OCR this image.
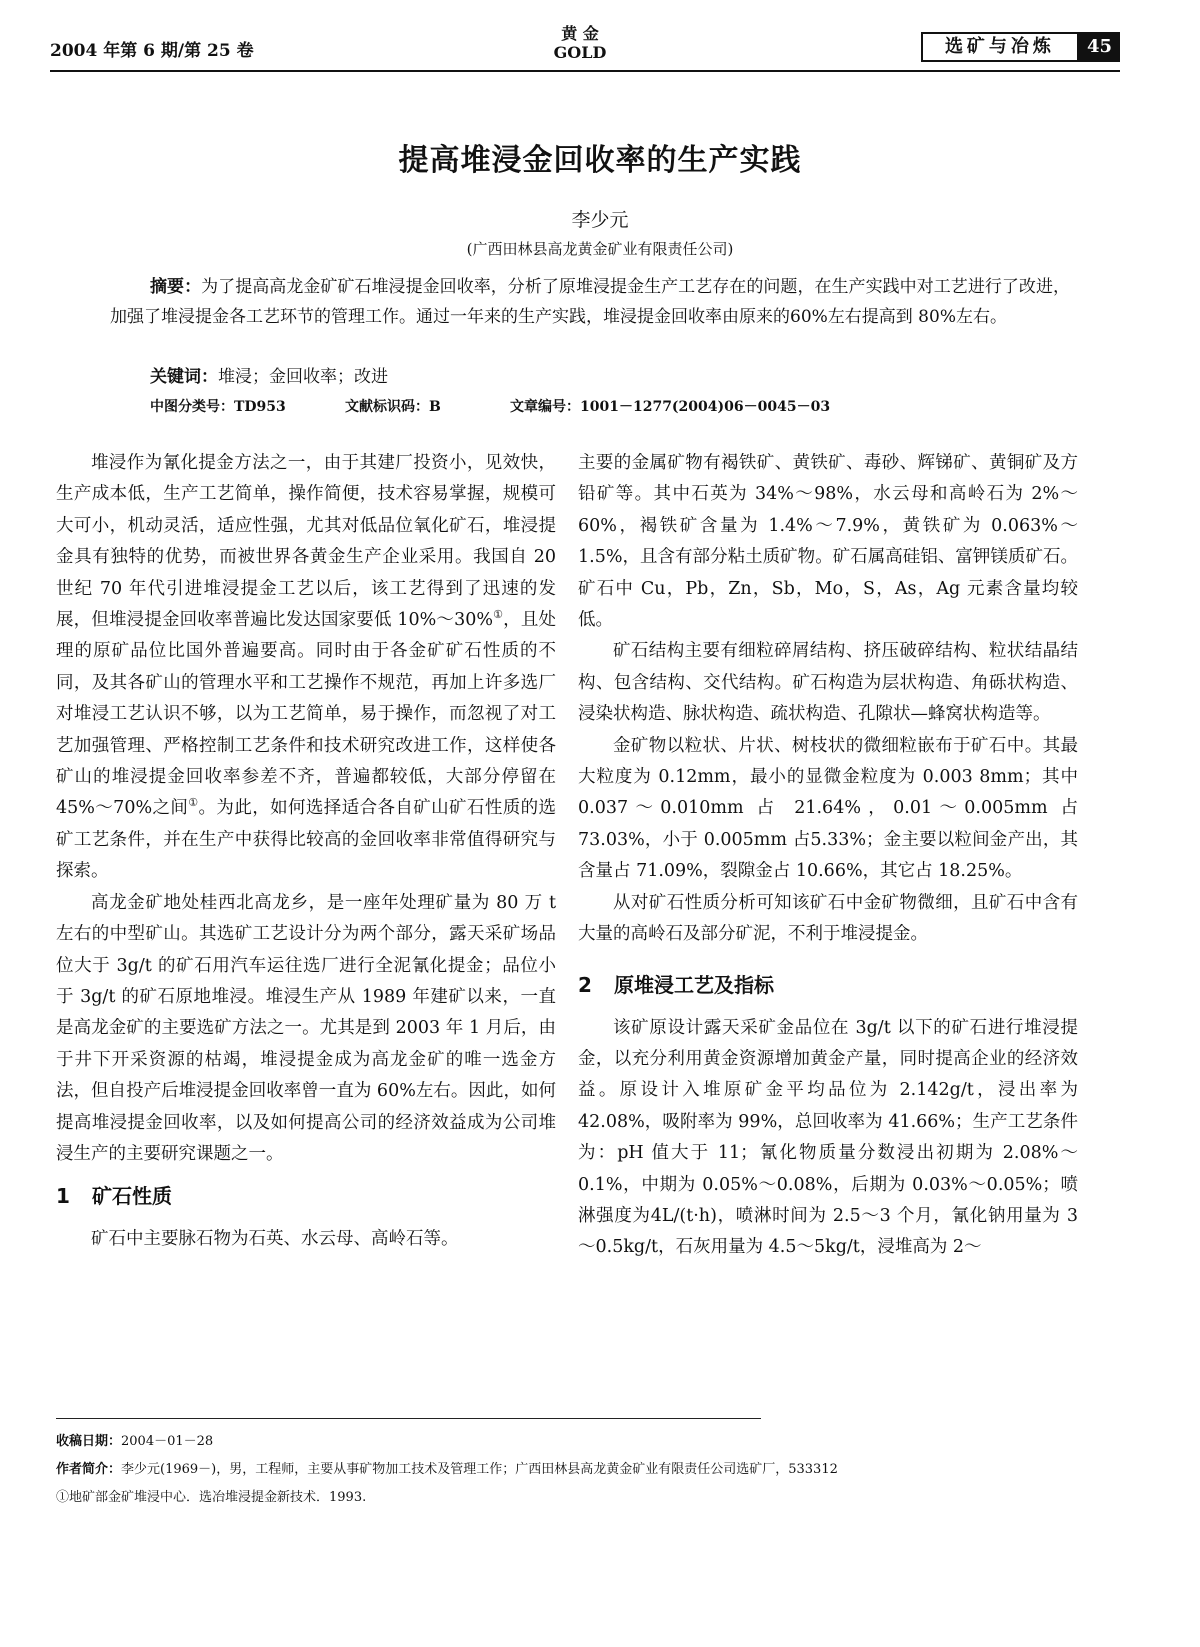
2004 年第 6 期/第 25 卷
黄 金
GOLD	选矿与冶炼	45
提高堆浸金回收率的生产实践
李少元
(广西田林县高龙黄金矿业有限责任公司)
摘要：为了提高高龙金矿矿石堆浸提金回收率，分析了原堆浸提金生产工艺存在的问题，在生产实践中对工艺进行了改进，加强了堆浸提金各工艺环节的管理工作。通过一年来的生产实践，堆浸提金回收率由原来的60%左右提高到 80%左右。
关键词：堆浸；金回收率；改进
中图分类号：TD953	文献标识码：B	文章编号：1001－1277(2004)06－0045－03

堆浸作为氰化提金方法之一，由于其建厂投资小，见效快，生产成本低，生产工艺简单，操作简便，技术容易掌握，规模可大可小，机动灵活，适应性强，尤其对低品位氧化矿石，堆浸提金具有独特的优势，而被世界各黄金生产企业采用。我国自 20 世纪 70 年代引进堆浸提金工艺以后，该工艺得到了迅速的发展，但堆浸提金回收率普遍比发达国家要低 10%～30%①，且处理的原矿品位比国外普遍要高。同时由于各金矿矿石性质的不同，及其各矿山的管理水平和工艺操作不规范，再加上许多选厂对堆浸工艺认识不够，以为工艺简单，易于操作，而忽视了对工艺加强管理、严格控制工艺条件和技术研究改进工作，这样使各矿山的堆浸提金回收率参差不齐，普遍都较低，大部分停留在 45%～70%之间①。为此，如何选择适合各自矿山矿石性质的选矿工艺条件，并在生产中获得比较高的金回收率非常值得研究与探索。

高龙金矿地处桂西北高龙乡，是一座年处理矿量为 80 万 t 左右的中型矿山。其选矿工艺设计分为两个部分，露天采矿场品位大于 3g/t 的矿石用汽车运往选厂进行全泥氰化提金；品位小于 3g/t 的矿石原地堆浸。堆浸生产从 1989 年建矿以来，一直是高龙金矿的主要选矿方法之一。尤其是到 2003 年 1 月后，由于井下开采资源的枯竭，堆浸提金成为高龙金矿的唯一选金方法，但自投产后堆浸提金回收率曾一直为 60%左右。因此，如何提高堆浸提金回收率，以及如何提高公司的经济效益成为公司堆浸生产的主要研究课题之一。

1 矿石性质

矿石中主要脉石物为石英、水云母、高岭石等。

主要的金属矿物有褐铁矿、黄铁矿、毒砂、辉锑矿、黄铜矿及方铅矿等。其中石英为 34%～98%，水云母和高岭石为 2%～60%，褐铁矿含量为 1.4%～7.9%，黄铁矿为 0.063%～1.5%，且含有部分粘土质矿物。矿石属高硅铝、富钾镁质矿石。矿石中 Cu，Pb，Zn，Sb，Mo，S，As，Ag 元素含量均较低。

矿石结构主要有细粒碎屑结构、挤压破碎结构、粒状结晶结构、包含结构、交代结构。矿石构造为层状构造、角砾状构造、浸染状构造、脉状构造、疏状构造、孔隙状—蜂窝状构造等。

金矿物以粒状、片状、树枝状的微细粒嵌布于矿石中。其最大粒度为 0.12mm，最小的显微金粒度为 0.003 8mm；其中 0.037～0.010mm 占 21.64%，0.01～0.005mm 占 73.03%，小于 0.005mm 占5.33%；金主要以粒间金产出，其含量占 71.09%，裂隙金占 10.66%，其它占 18.25%。

从对矿石性质分析可知该矿石中金矿物微细，且矿石中含有大量的高岭石及部分矿泥，不利于堆浸提金。

2 原堆浸工艺及指标

该矿原设计露天采矿金品位在 3g/t 以下的矿石进行堆浸提金，以充分利用黄金资源增加黄金产量，同时提高企业的经济效益。原设计入堆原矿金平均品位为 2.142g/t，浸出率为 42.08%，吸附率为 99%，总回收率为 41.66%；生产工艺条件为：pH 值大于 11；氰化物质量分数浸出初期为 2.08%～0.1%，中期为 0.05%～0.08%，后期为 0.03%～0.05%；喷淋强度为4L/(t·h)，喷淋时间为 2.5～3 个月，氰化钠用量为 3～0.5kg/t，石灰用量为 4.5～5kg/t，浸堆高为 2～

收稿日期：2004－01－28
作者简介：李少元(1969－)，男，工程师，主要从事矿物加工技术及管理工作；广西田林县高龙黄金矿业有限责任公司选矿厂，533312
①地矿部金矿堆浸中心．选冶堆浸提金新技术．1993.
